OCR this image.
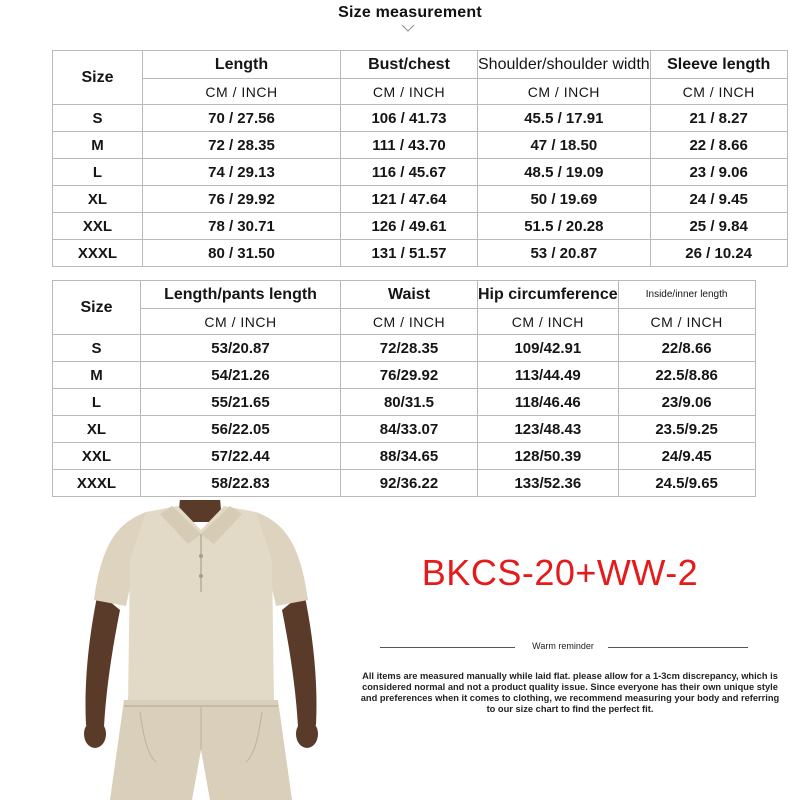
Size measurement
Size	Length	Bust/chest	Shoulder/shoulder width	Sleeve length
	CM / INCH	CM / INCH	CM / INCH	CM / INCH
S	70 / 27.56	106 / 41.73	45.5 / 17.91	21 / 8.27
M	72 / 28.35	111 / 43.70	47 / 18.50	22 / 8.66
L	74 / 29.13	116 / 45.67	48.5 / 19.09	23 / 9.06
XL	76 / 29.92	121 / 47.64	50 / 19.69	24 / 9.45
XXL	78 / 30.71	126 / 49.61	51.5 / 20.28	25 / 9.84
XXXL	80 / 31.50	131 / 51.57	53 / 20.87	26 / 10.24
Size	Length/pants length	Waist	Hip circumference	Inside/inner length
	CM / INCH	CM / INCH	CM / INCH	CM / INCH
S	53/20.87	72/28.35	109/42.91	22/8.66
M	54/21.26	76/29.92	113/44.49	22.5/8.86
L	55/21.65	80/31.5	118/46.46	23/9.06
XL	56/22.05	84/33.07	123/48.43	23.5/9.25
XXL	57/22.44	88/34.65	128/50.39	24/9.45
XXXL	58/22.83	92/36.22	133/52.36	24.5/9.65
BKCS-20+WW-2
Warm reminder
All items are measured manually while laid flat. please allow for a 1-3cm discrepancy, which is considered normal and not a product quality issue. Since everyone has their own unique style and preferences when it comes to clothing, we recommend measuring your body and referring to our size chart to find the perfect fit.
